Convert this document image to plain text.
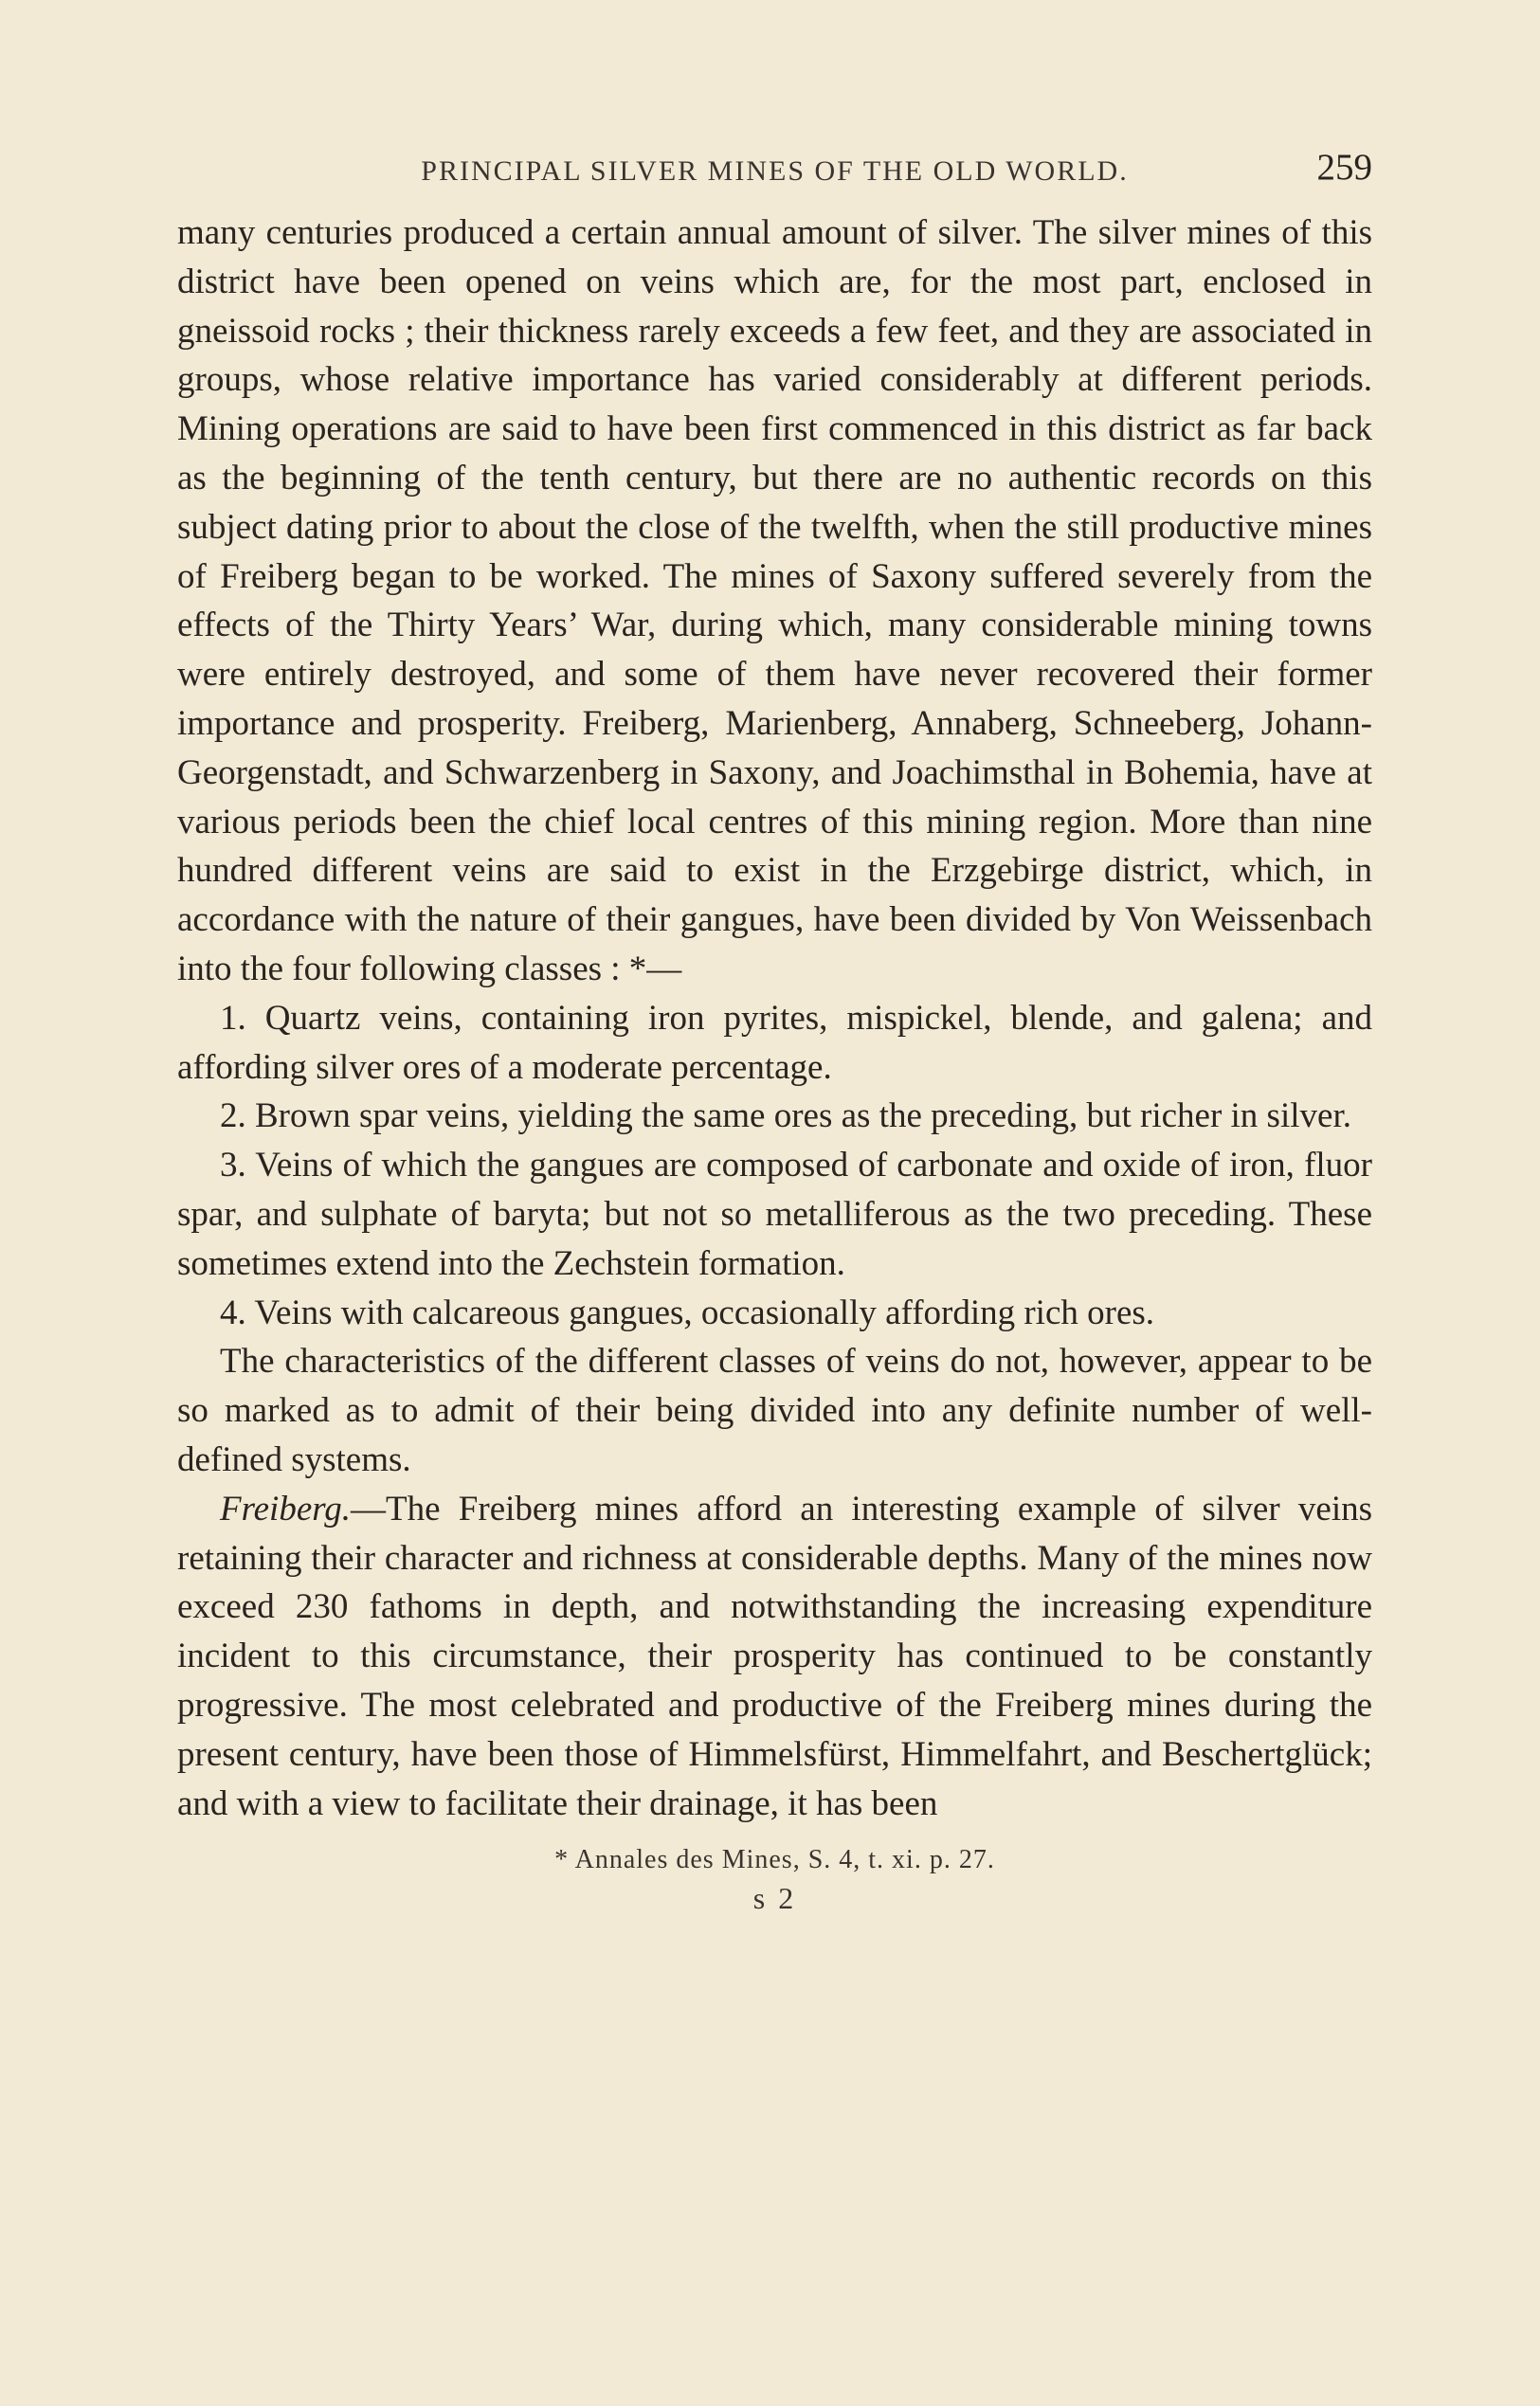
PRINCIPAL SILVER MINES OF THE OLD WORLD.	259

many centuries produced a certain annual amount of silver. The silver mines of this district have been opened on veins which are, for the most part, enclosed in gneissoid rocks ; their thickness rarely exceeds a few feet, and they are associated in groups, whose relative importance has varied considerably at different periods. Mining operations are said to have been first commenced in this district as far back as the beginning of the tenth century, but there are no authentic records on this subject dating prior to about the close of the twelfth, when the still productive mines of Freiberg began to be worked. The mines of Saxony suffered severely from the effects of the Thirty Years’ War, during which, many considerable mining towns were entirely destroyed, and some of them have never recovered their former importance and prosperity. Freiberg, Marienberg, Annaberg, Schneeberg, Johann-Georgenstadt, and Schwarzenberg in Saxony, and Joachimsthal in Bohemia, have at various periods been the chief local centres of this mining region. More than nine hundred different veins are said to exist in the Erzgebirge district, which, in accordance with the nature of their gangues, have been divided by Von Weissenbach into the four following classes : *—

1. Quartz veins, containing iron pyrites, mispickel, blende, and galena; and affording silver ores of a moderate percentage.

2. Brown spar veins, yielding the same ores as the preceding, but richer in silver.

3. Veins of which the gangues are composed of carbonate and oxide of iron, fluor spar, and sulphate of baryta; but not so metalliferous as the two preceding. These sometimes extend into the Zechstein formation.

4. Veins with calcareous gangues, occasionally affording rich ores.

The characteristics of the different classes of veins do not, however, appear to be so marked as to admit of their being divided into any definite number of well-defined systems.

Freiberg.—The Freiberg mines afford an interesting example of silver veins retaining their character and richness at considerable depths. Many of the mines now exceed 230 fathoms in depth, and notwithstanding the increasing expenditure incident to this circumstance, their prosperity has continued to be constantly progressive. The most celebrated and productive of the Freiberg mines during the present century, have been those of Himmelsfürst, Himmelfahrt, and Beschertglück; and with a view to facilitate their drainage, it has been

* Annales des Mines, S. 4, t. xi. p. 27.
s 2
